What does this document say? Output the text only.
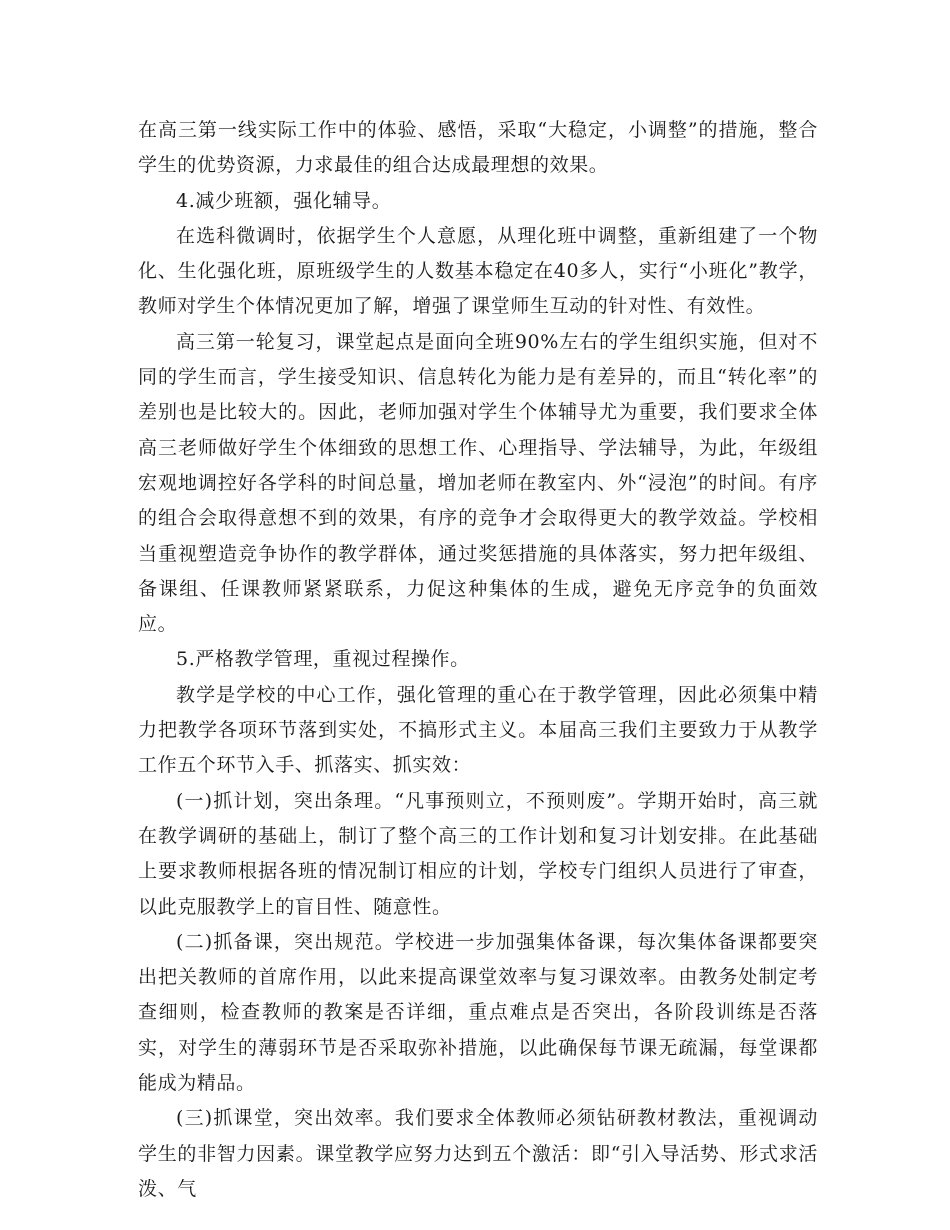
在高三第一线实际工作中的体验、感悟，采取“大稳定，小调整”的措施，整合学生的优势资源，力求最佳的组合达成最理想的效果。

4.减少班额，强化辅导。

在选科微调时，依据学生个人意愿，从理化班中调整，重新组建了一个物化、生化强化班，原班级学生的人数基本稳定在40多人，实行“小班化”教学，教师对学生个体情况更加了解，增强了课堂师生互动的针对性、有效性。

高三第一轮复习，课堂起点是面向全班90%左右的学生组织实施，但对不同的学生而言，学生接受知识、信息转化为能力是有差异的，而且“转化率”的差别也是比较大的。因此，老师加强对学生个体辅导尤为重要，我们要求全体高三老师做好学生个体细致的思想工作、心理指导、学法辅导，为此，年级组宏观地调控好各学科的时间总量，增加老师在教室内、外“浸泡”的时间。有序的组合会取得意想不到的效果，有序的竞争才会取得更大的教学效益。学校相当重视塑造竞争协作的教学群体，通过奖惩措施的具体落实，努力把年级组、备课组、任课教师紧紧联系，力促这种集体的生成，避免无序竞争的负面效应。

5.严格教学管理，重视过程操作。

教学是学校的中心工作，强化管理的重心在于教学管理，因此必须集中精力把教学各项环节落到实处，不搞形式主义。本届高三我们主要致力于从教学工作五个环节入手、抓落实、抓实效：

(一)抓计划，突出条理。“凡事预则立，不预则废”。学期开始时，高三就在教学调研的基础上，制订了整个高三的工作计划和复习计划安排。在此基础上要求教师根据各班的情况制订相应的计划，学校专门组织人员进行了审查，以此克服教学上的盲目性、随意性。

(二)抓备课，突出规范。学校进一步加强集体备课，每次集体备课都要突出把关教师的首席作用，以此来提高课堂效率与复习课效率。由教务处制定考查细则，检查教师的教案是否详细，重点难点是否突出，各阶段训练是否落实，对学生的薄弱环节是否采取弥补措施，以此确保每节课无疏漏，每堂课都能成为精品。

(三)抓课堂，突出效率。我们要求全体教师必须钻研教材教法，重视调动学生的非智力因素。课堂教学应努力达到五个激活：即“引入导活势、形式求活泼、气
